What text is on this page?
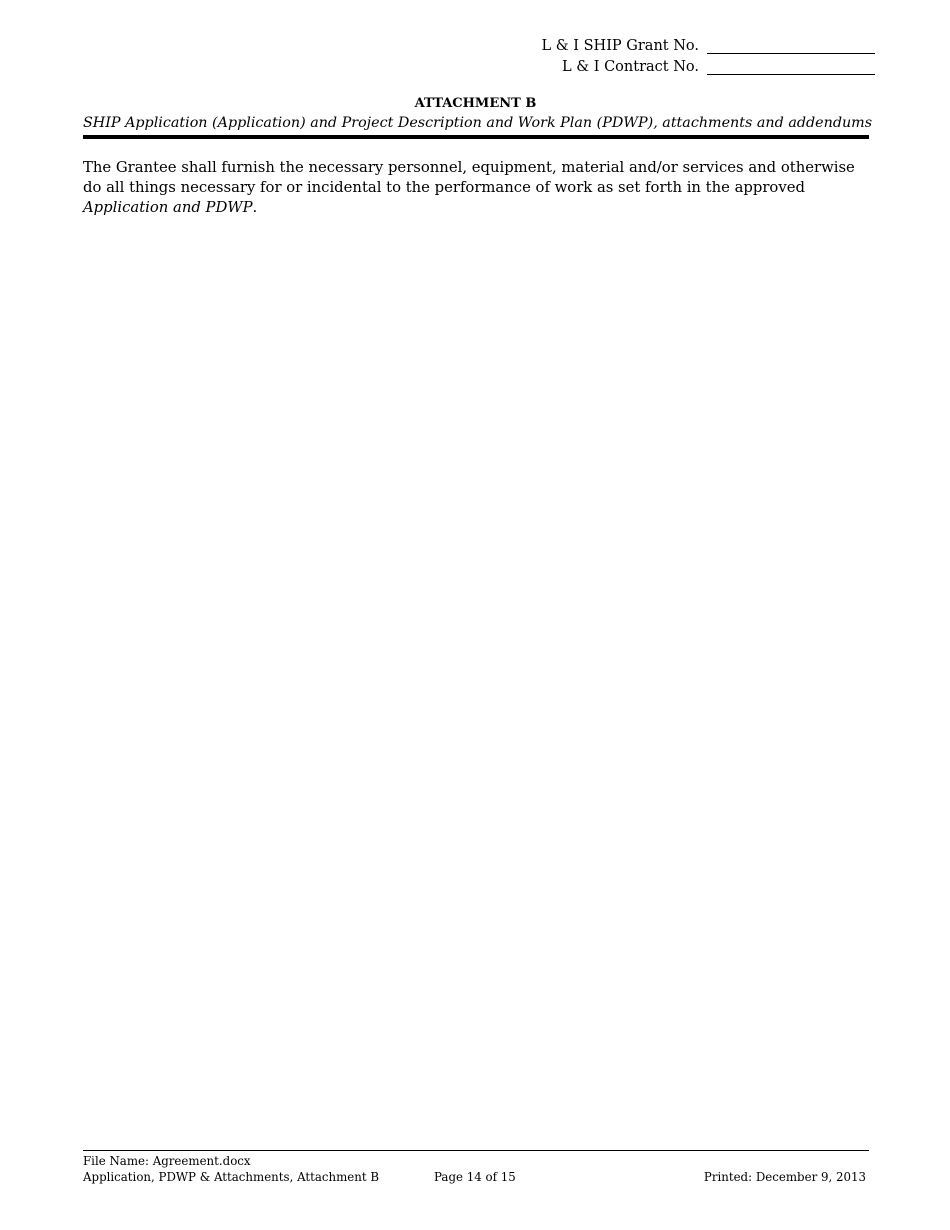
L & I SHIP Grant No.
L & I Contract No.
ATTACHMENT B
SHIP Application (Application) and Project Description and Work Plan (PDWP), attachments and addendums
The Grantee shall furnish the necessary personnel, equipment, material and/or services and otherwise do all things necessary for or incidental to the performance of work as set forth in the approved Application and PDWP.
File Name: Agreement.docx
Application, PDWP & Attachments, Attachment B	Page 14 of 15	Printed: December 9, 2013
